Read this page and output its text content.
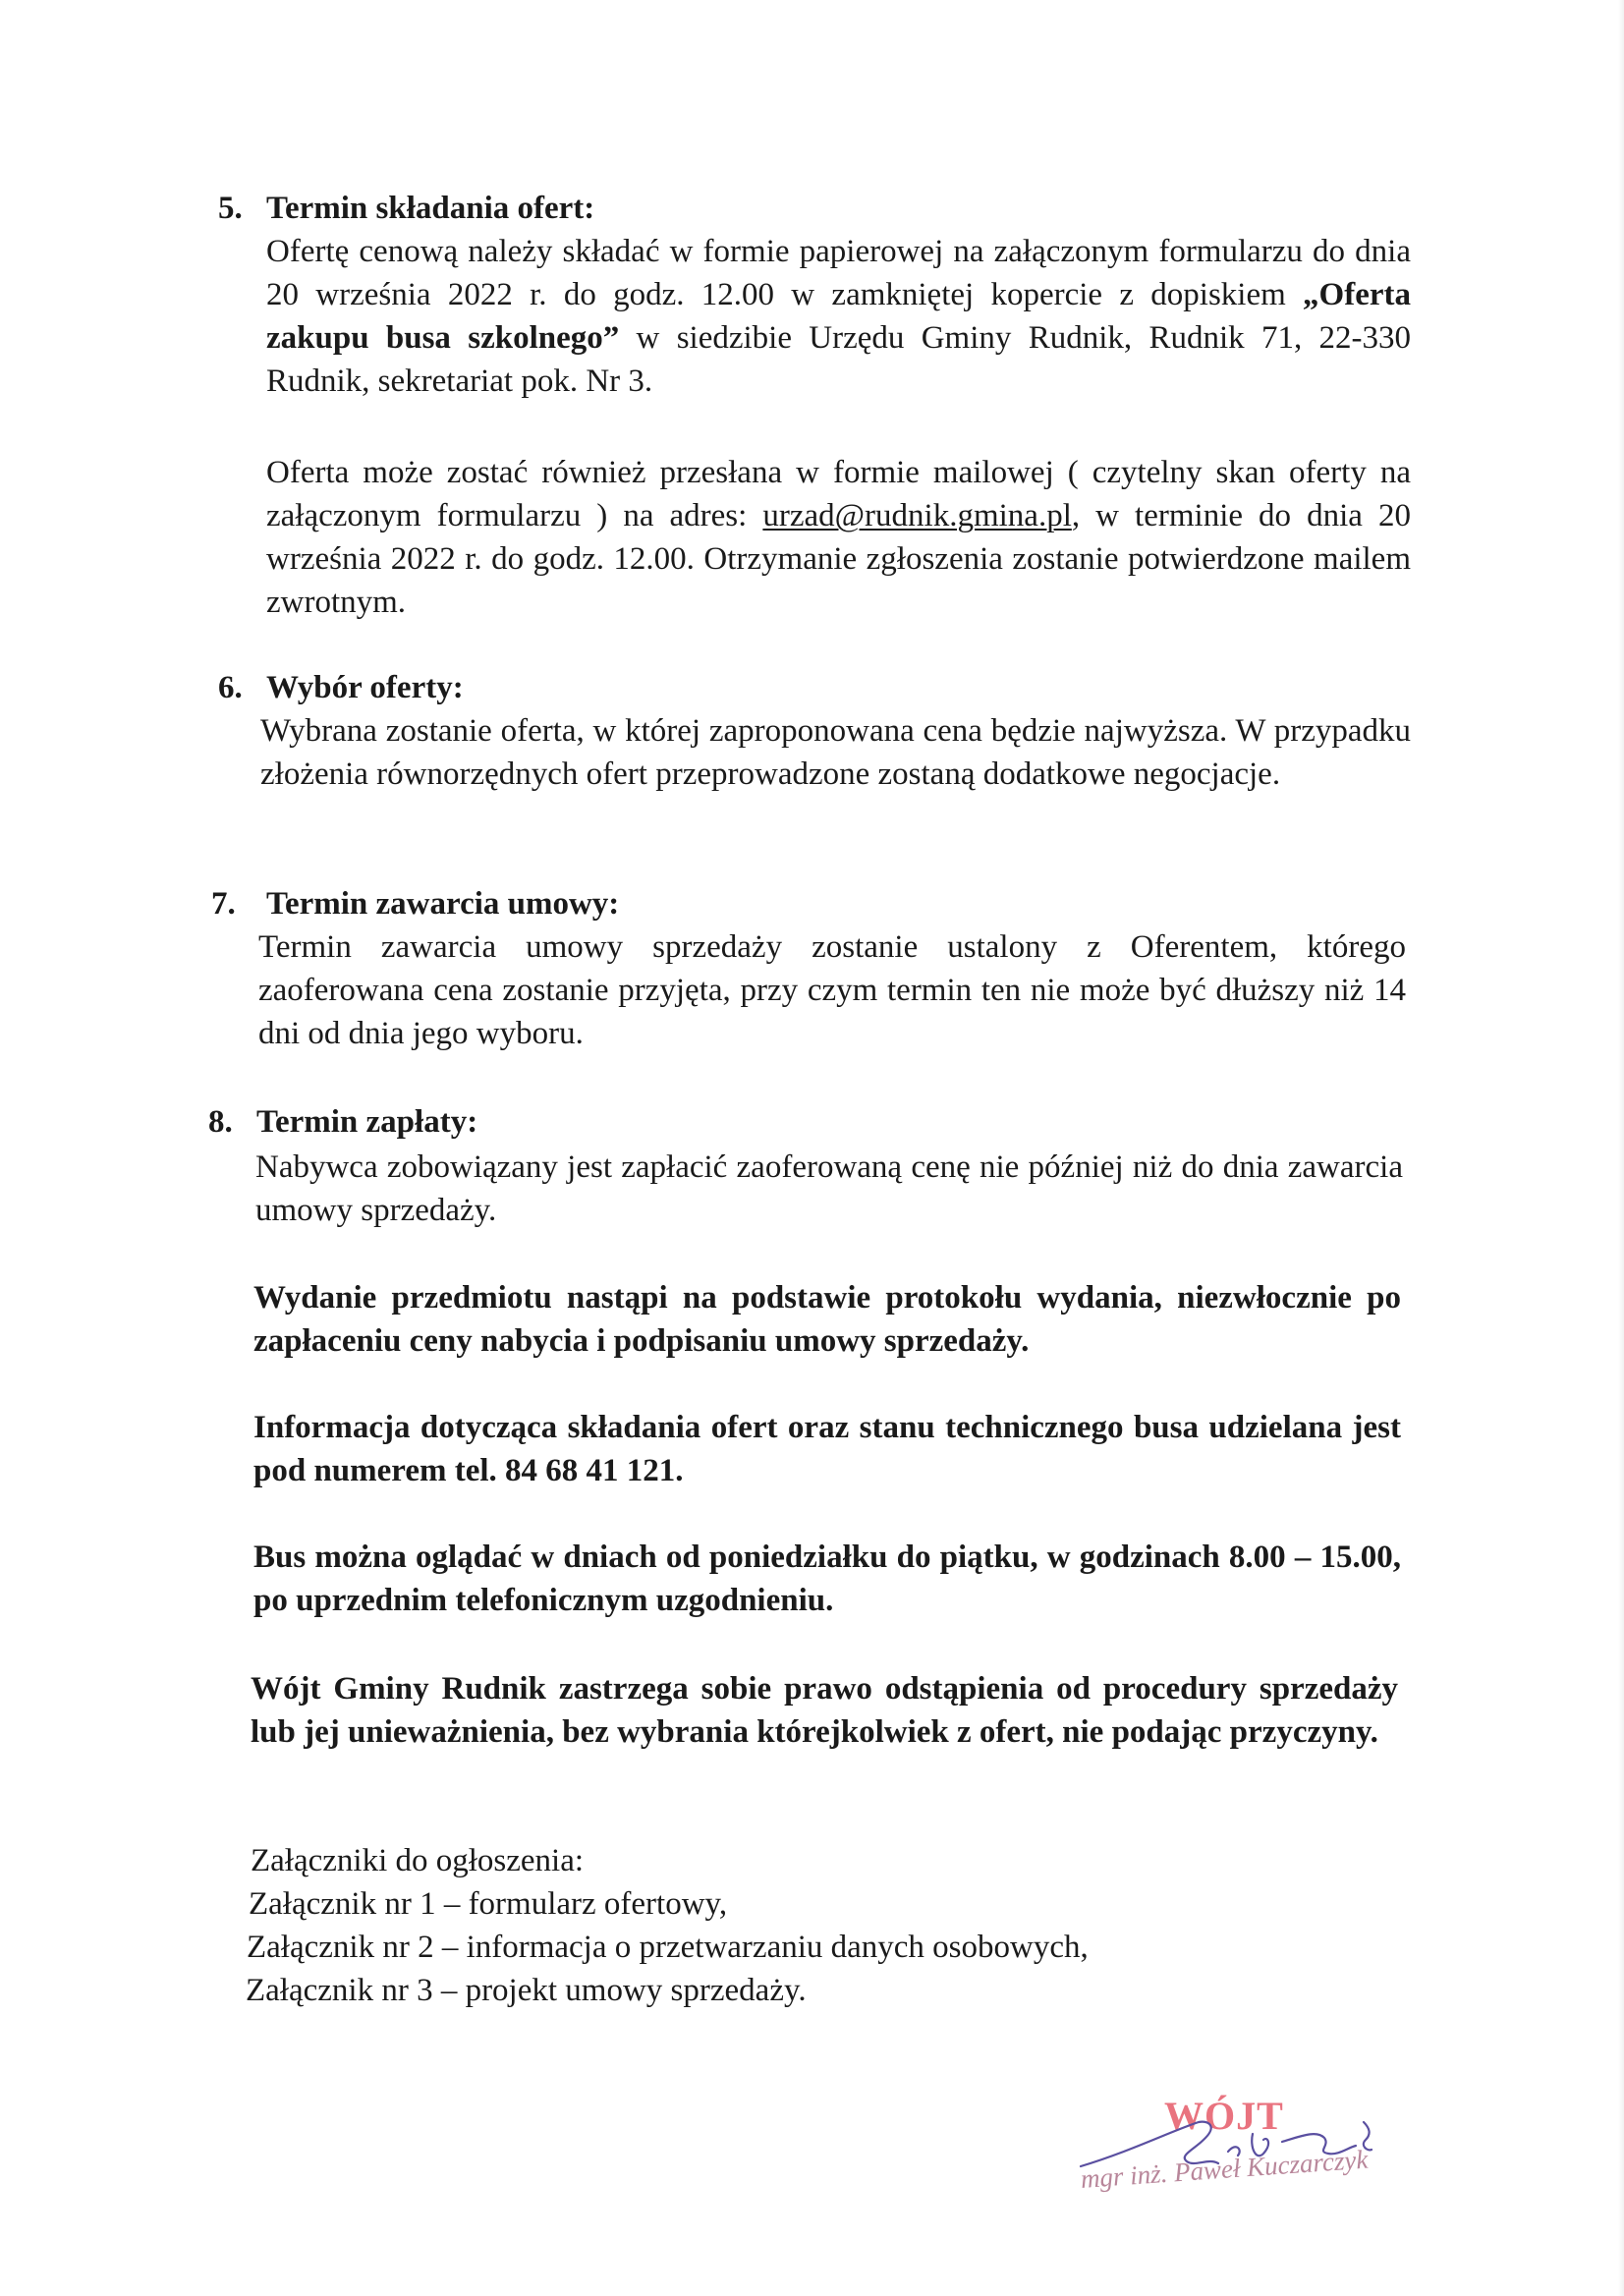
5. Termin składania ofert:

Ofertę cenową należy składać w formie papierowej na załączonym formularzu do dnia 20 września 2022 r. do godz. 12.00 w zamkniętej kopercie z dopiskiem „Oferta zakupu busa szkolnego” w siedzibie Urzędu Gminy Rudnik, Rudnik 71, 22-330 Rudnik, sekretariat pok. Nr 3.

Oferta może zostać również przesłana w formie mailowej ( czytelny skan oferty na załączonym formularzu ) na adres: urzad@rudnik.gmina.pl, w terminie do dnia 20 września 2022 r. do godz. 12.00. Otrzymanie zgłoszenia zostanie potwierdzone mailem zwrotnym.

6. Wybór oferty:

Wybrana zostanie oferta, w której zaproponowana cena będzie najwyższa. W przypadku złożenia równorzędnych ofert przeprowadzone zostaną dodatkowe negocjacje.

7. Termin zawarcia umowy:

Termin zawarcia umowy sprzedaży zostanie ustalony z Oferentem, którego zaoferowana cena zostanie przyjęta, przy czym termin ten nie może być dłuższy niż 14 dni od dnia jego wyboru.

8. Termin zapłaty:

Nabywca zobowiązany jest zapłacić zaoferowaną cenę nie później niż do dnia zawarcia umowy sprzedaży.

Wydanie przedmiotu nastąpi na podstawie protokołu wydania, niezwłocznie po zapłaceniu ceny nabycia i podpisaniu umowy sprzedaży.

Informacja dotycząca składania ofert oraz stanu technicznego busa udzielana jest pod numerem tel. 84 68 41 121.

Bus można oglądać w dniach od poniedziałku do piątku, w godzinach 8.00 – 15.00, po uprzednim telefonicznym uzgodnieniu.

Wójt Gminy Rudnik zastrzega sobie prawo odstąpienia od procedury sprzedaży lub jej unieważnienia, bez wybrania którejkolwiek z ofert, nie podając przyczyny.

Załączniki do ogłoszenia:
Załącznik nr 1 – formularz ofertowy,
Załącznik nr 2 – informacja o przetwarzaniu danych osobowych,
Załącznik nr 3 – projekt umowy sprzedaży.
WÓJT
mgr inż. Paweł Kuczarczyk
